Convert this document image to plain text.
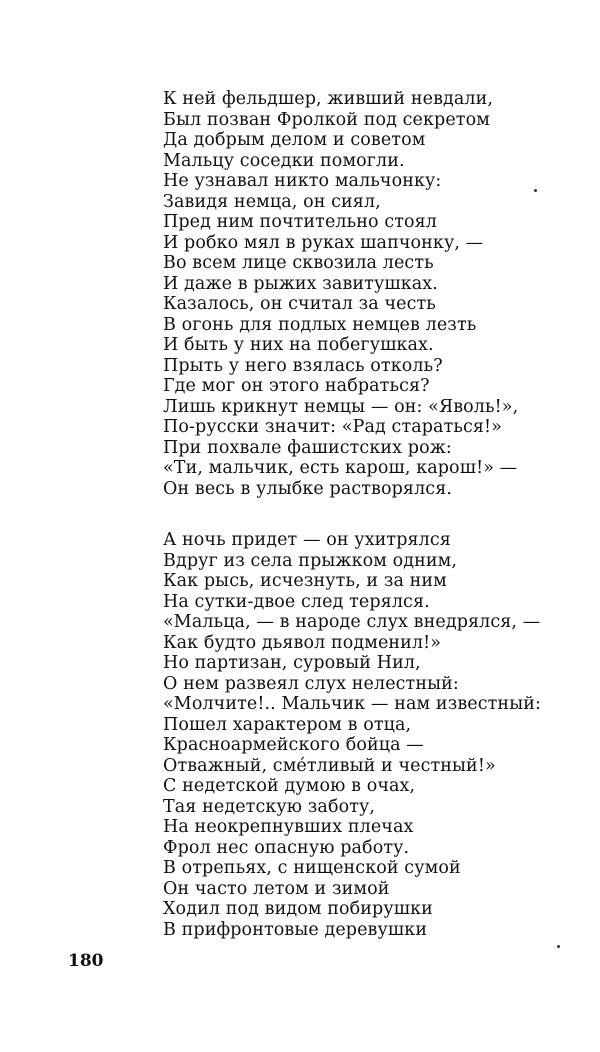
К ней фельдшер, живший невдали,
Был позван Фролкой под секретом
Да добрым делом и советом
Мальцу соседки помогли.
Не узнавал никто мальчонку:
Завидя немца, он сиял,
Пред ним почтительно стоял
И робко мял в руках шапчонку, —
Во всем лице сквозила лесть
И даже в рыжих завитушках.
Казалось, он считал за честь
В огонь для подлых немцев лезть
И быть у них на побегушках.
Прыть у него взялась отколь?
Где мог он этого набраться?
Лишь крикнут немцы — он: «Яволь!»,
По-русски значит: «Рад стараться!»
При похвале фашистских рож:
«Ти, мальчик, есть карош, карош!» —
Он весь в улыбке растворялся.
А ночь придет — он ухитрялся
Вдруг из села прыжком одним,
Как рысь, исчезнуть, и за ним
На сутки-двое след терялся.
«Мальца, — в народе слух внедрялся, —
Как будто дьявол подменил!»
Но партизан, суровый Нил,
О нем развеял слух нелестный:
«Молчите!.. Мальчик — нам известный:
Пошел характером в отца,
Красноармейского бойца —
Отважный, сме́тливый и честный!»
С недетской думою в очах,
Тая недетскую заботу,
На неокрепнувших плечах
Фрол нес опасную работу.
В отрепьях, с нищенской сумой
Он часто летом и зимой
Ходил под видом побирушки
В прифронтовые деревушки

180
